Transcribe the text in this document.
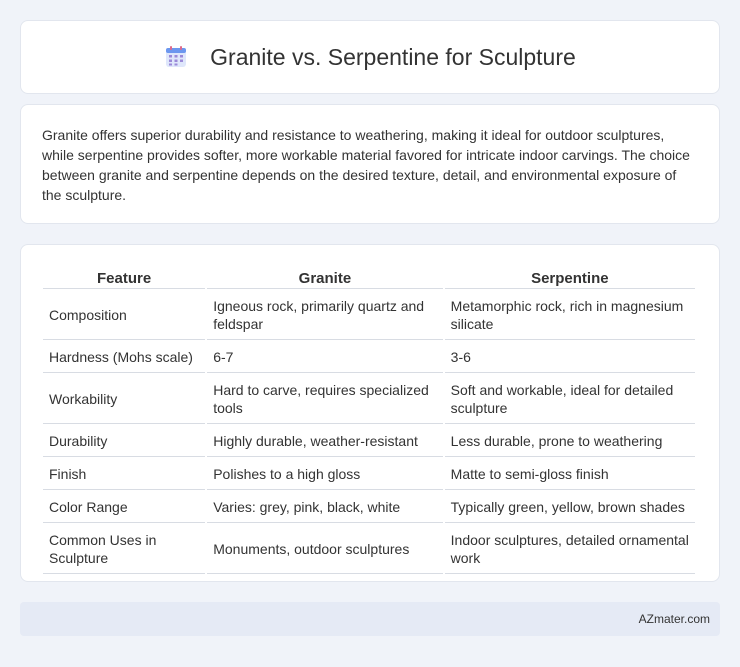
Granite vs. Serpentine for Sculpture

Granite offers superior durability and resistance to weathering, making it ideal for outdoor sculptures, while serpentine provides softer, more workable material favored for intricate indoor carvings. The choice between granite and serpentine depends on the desired texture, detail, and environmental exposure of the sculpture.

Feature	Granite	Serpentine
Composition	Igneous rock, primarily quartz and feldspar	Metamorphic rock, rich in magnesium silicate
Hardness (Mohs scale)	6-7	3-6
Workability	Hard to carve, requires specialized tools	Soft and workable, ideal for detailed sculpture
Durability	Highly durable, weather-resistant	Less durable, prone to weathering
Finish	Polishes to a high gloss	Matte to semi-gloss finish
Color Range	Varies: grey, pink, black, white	Typically green, yellow, brown shades
Common Uses in Sculpture	Monuments, outdoor sculptures	Indoor sculptures, detailed ornamental work
AZmater.com
